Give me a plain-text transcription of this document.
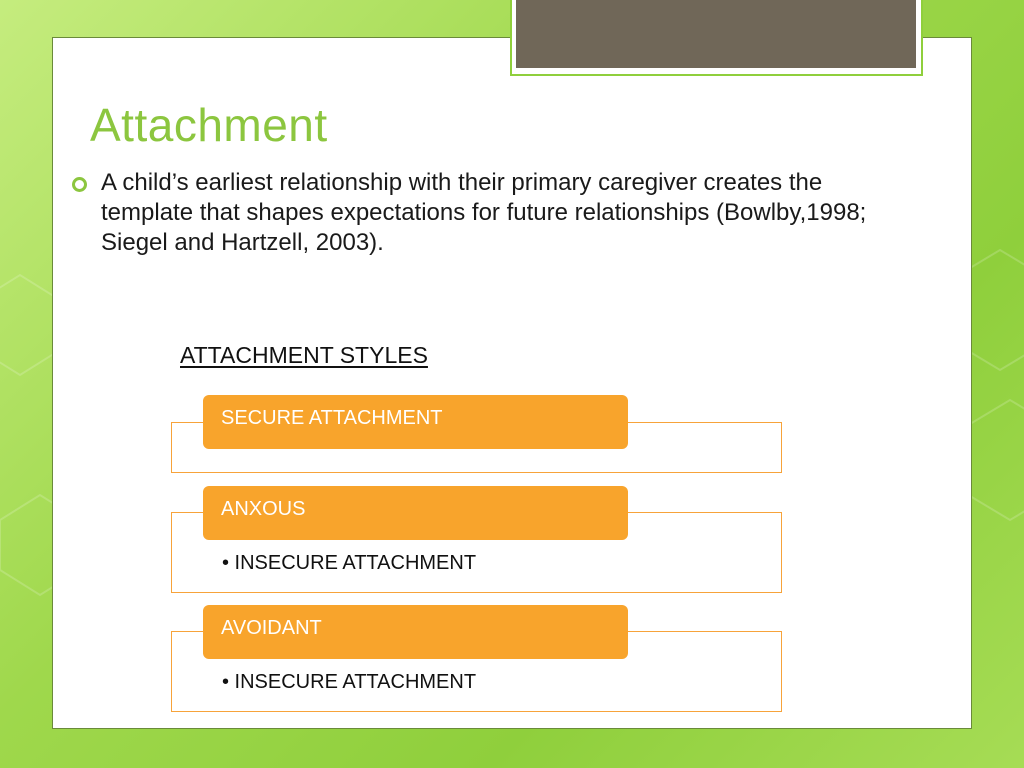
Attachment
A child’s earliest relationship with their primary caregiver creates the template that shapes expectations for future relationships (Bowlby,1998; Siegel and Hartzell, 2003).
ATTACHMENT STYLES
SECURE ATTACHMENT
ANXOUS
• INSECURE ATTACHMENT
AVOIDANT
• INSECURE ATTACHMENT
